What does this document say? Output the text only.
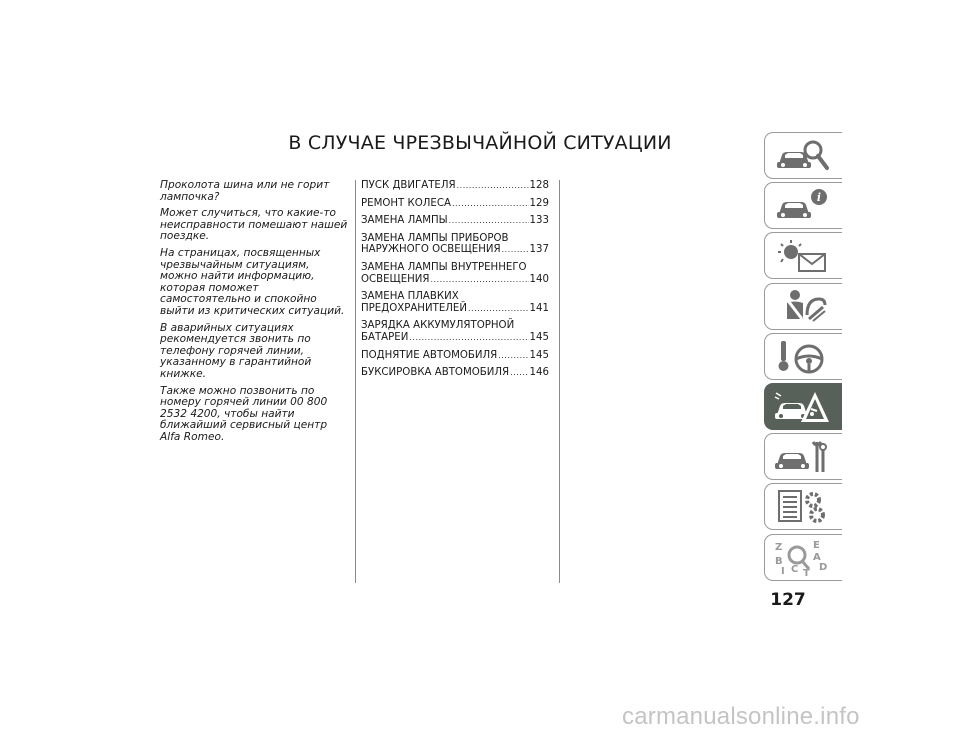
В СЛУЧАЕ ЧРЕЗВЫЧАЙНОЙ СИТУАЦИИ

Проколота шина или не горит лампочка?

Может случиться, что какие-то неисправности помешают нашей поездке.

На страницах, посвященных чрезвычайным ситуациям, можно найти информацию, которая поможет самостоятельно и спокойно выйти из критических ситуаций.

В аварийных ситуациях рекомендуется звонить по телефону горячей линии, указанному в гарантийной книжке.

Также можно позвонить по номеру горячей линии 00 800 2532 4200, чтобы найти ближайший сервисный центр Alfa Romeo.

ПУСК ДВИГАТЕЛЯ .....	128
РЕМОНТ КОЛЕСА .....	129
ЗАМЕНА ЛАМПЫ .....	133
ЗАМЕНА ЛАМПЫ ПРИБОРОВ
НАРУЖНОГО ОСВЕЩЕНИЯ .....	137
ЗАМЕНА ЛАМПЫ ВНУТРЕННЕГО
ОСВЕЩЕНИЯ .....	140
ЗАМЕНА ПЛАВКИХ
ПРЕДОХРАНИТЕЛЕЙ .....	141
ЗАРЯДКА АККУМУЛЯТОРНОЙ
БАТАРЕИ .....	145
ПОДНЯТИЕ АВТОМОБИЛЯ .....	145
БУКСИРОВКА АВТОМОБИЛЯ ..... 146
i
Z	E
B	A
I C T
D
127
carmanualsonline.info
